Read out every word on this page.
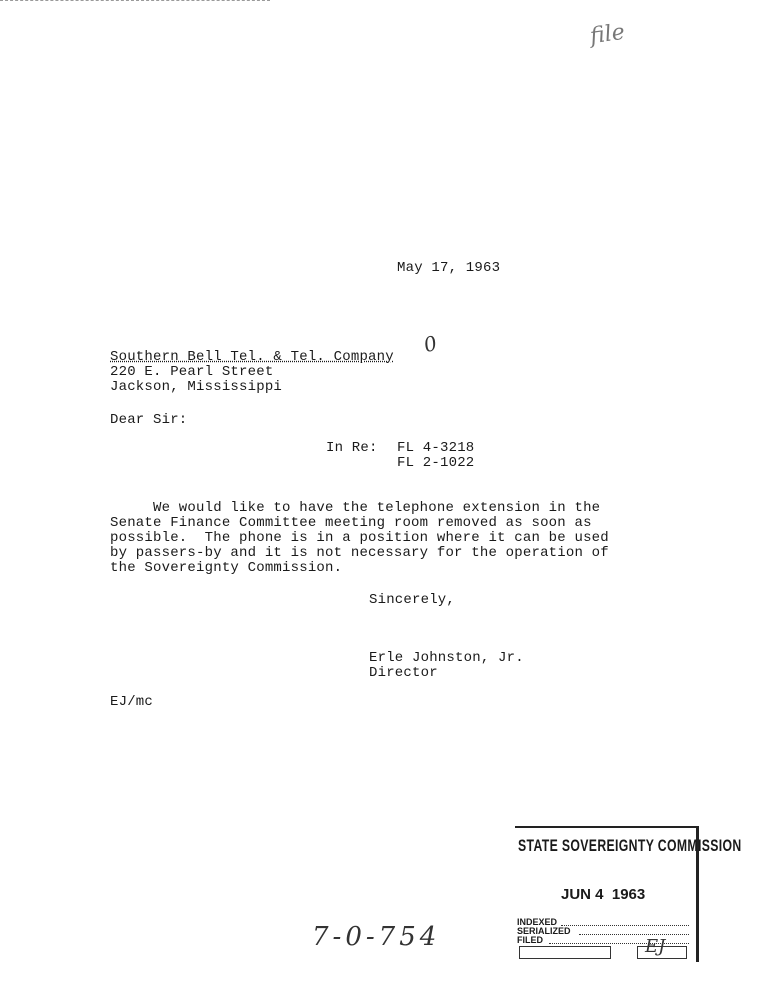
file
May 17, 1963
Southern Bell Tel. & Tel. Company 0
220 E. Pearl Street
Jackson, Mississippi
Dear Sir:
In Re: FL 4-3218
FL 2-1022
We would like to have the telephone extension in the
Senate Finance Committee meeting room removed as soon as
possible.  The phone is in a position where it can be used
by passers-by and it is not necessary for the operation of
the Sovereignty Commission.
Sincerely,
Erle Johnston, Jr.
Director
EJ/mc
7-0-754
STATE SOVEREIGNTY COMMISSION
JUN 4  1963
INDEXED
SERIALIZED
FILED	EJ
